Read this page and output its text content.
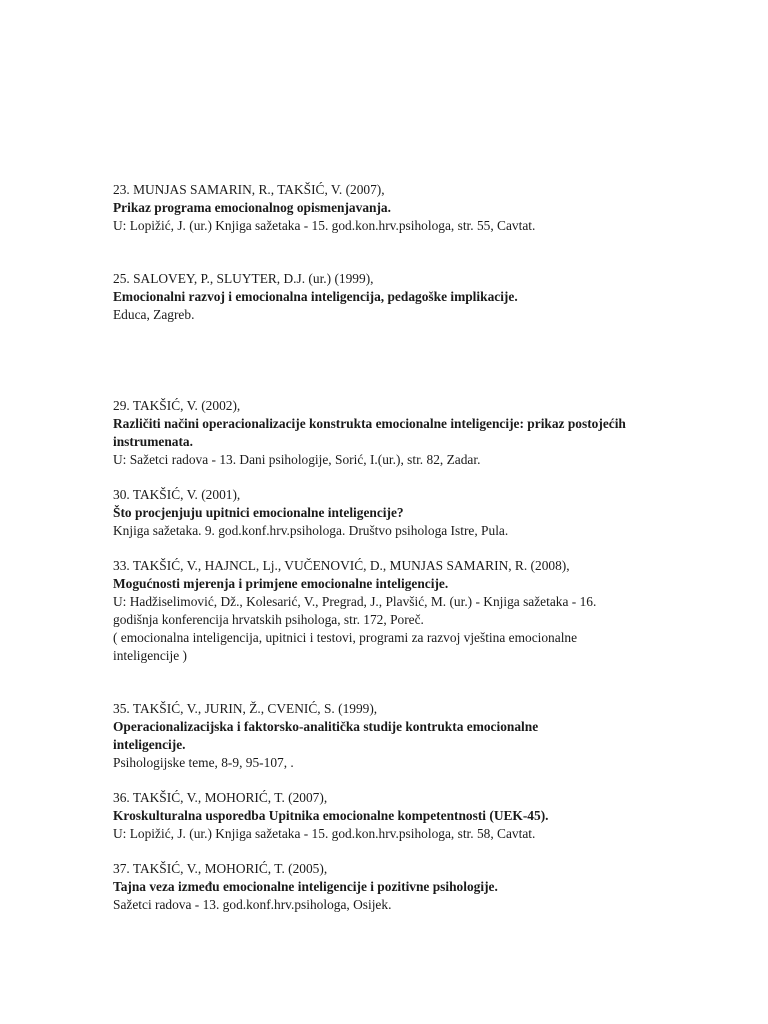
23. MUNJAS SAMARIN, R., TAKŠIĆ, V. (2007),
Prikaz programa emocionalnog opismenjavanja.
U: Lopižić, J. (ur.) Knjiga sažetaka - 15. god.kon.hrv.psihologa, str. 55, Cavtat.
25. SALOVEY, P., SLUYTER, D.J. (ur.) (1999),
Emocionalni razvoj i emocionalna inteligencija, pedagoške implikacije.
Educa, Zagreb.
29. TAKŠIĆ, V. (2002),
Različiti načini operacionalizacije konstrukta emocionalne inteligencije: prikaz postojećih instrumenata.
U: Sažetci radova - 13. Dani psihologije, Sorić, I.(ur.), str. 82, Zadar.
30. TAKŠIĆ, V. (2001),
Što procjenjuju upitnici emocionalne inteligencije?
Knjiga sažetaka. 9. god.konf.hrv.psihologa. Društvo psihologa Istre, Pula.
33. TAKŠIĆ, V., HAJNCL, Lj., VUČENOVIĆ, D., MUNJAS SAMARIN, R. (2008),
Mogućnosti mjerenja i primjene emocionalne inteligencije.
U: Hadžiselimović, Dž., Kolesarić, V., Pregrad, J., Plavšić, M. (ur.) - Knjiga sažetaka - 16. godišnja konferencija hrvatskih psihologa, str. 172, Poreč.
( emocionalna inteligencija, upitnici i testovi, programi za razvoj vještina emocionalne inteligencije )
35. TAKŠIĆ, V., JURIN, Ž., CVENIĆ, S. (1999),
Operacionalizacijska i faktorsko-analitička studije kontrukta emocionalne inteligencije.
Psihologijske teme, 8-9, 95-107, .
36. TAKŠIĆ, V., MOHORIĆ, T. (2007),
Kroskulturalna usporedba Upitnika emocionalne kompetentnosti (UEK-45).
U: Lopižić, J. (ur.) Knjiga sažetaka - 15. god.kon.hrv.psihologa, str. 58, Cavtat.
37. TAKŠIĆ, V., MOHORIĆ, T. (2005),
Tajna veza između emocionalne inteligencije i pozitivne psihologije.
Sažetci radova - 13. god.konf.hrv.psihologa, Osijek.
